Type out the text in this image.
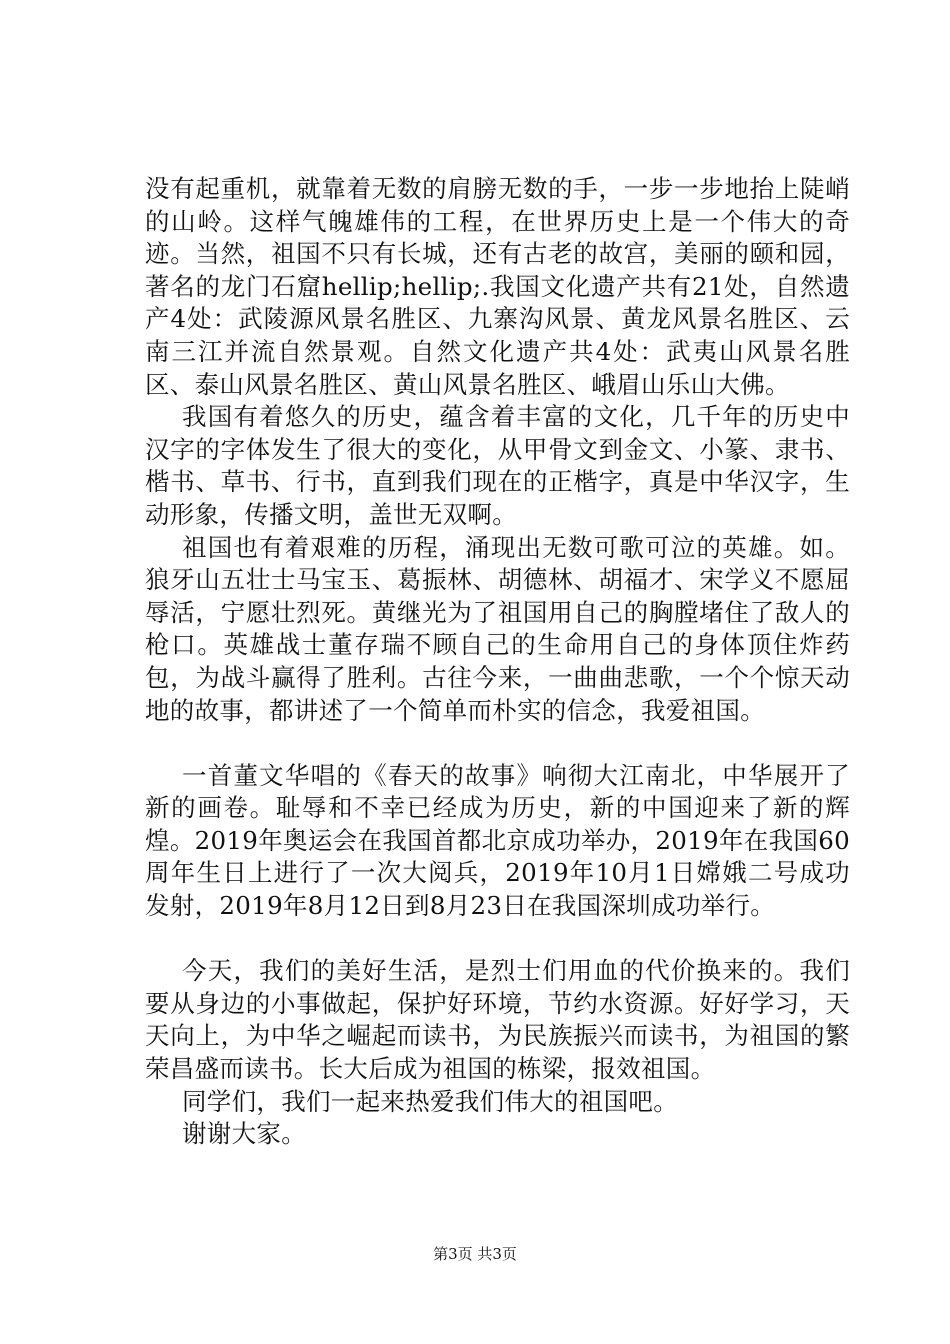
没有起重机，就靠着无数的肩膀无数的手，一步一步地抬上陡峭的山岭。这样气魄雄伟的工程，在世界历史上是一个伟大的奇迹。当然，祖国不只有长城，还有古老的故宫，美丽的颐和园，著名的龙门石窟hellip;hellip;.我国文化遗产共有21处，自然遗产4处：武陵源风景名胜区、九寨沟风景、黄龙风景名胜区、云南三江并流自然景观。自然文化遗产共4处：武夷山风景名胜区、泰山风景名胜区、黄山风景名胜区、峨眉山乐山大佛。

我国有着悠久的历史，蕴含着丰富的文化，几千年的历史中汉字的字体发生了很大的变化，从甲骨文到金文、小篆、隶书、楷书、草书、行书，直到我们现在的正楷字，真是中华汉字，生动形象，传播文明，盖世无双啊。

祖国也有着艰难的历程，涌现出无数可歌可泣的英雄。如。狼牙山五壮士马宝玉、葛振林、胡德林、胡福才、宋学义不愿屈辱活，宁愿壮烈死。黄继光为了祖国用自己的胸膛堵住了敌人的枪口。英雄战士董存瑞不顾自己的生命用自己的身体顶住炸药包，为战斗赢得了胜利。古往今来，一曲曲悲歌，一个个惊天动地的故事，都讲述了一个简单而朴实的信念，我爱祖国。

一首董文华唱的《春天的故事》响彻大江南北，中华展开了新的画卷。耻辱和不幸已经成为历史，新的中国迎来了新的辉煌。2019年奥运会在我国首都北京成功举办，2019年在我国60周年生日上进行了一次大阅兵，2019年10月1日嫦娥二号成功发射，2019年8月12日到8月23日在我国深圳成功举行。

今天，我们的美好生活，是烈士们用血的代价换来的。我们要从身边的小事做起，保护好环境，节约水资源。好好学习，天天向上，为中华之崛起而读书，为民族振兴而读书，为祖国的繁荣昌盛而读书。长大后成为祖国的栋梁，报效祖国。

同学们，我们一起来热爱我们伟大的祖国吧。

谢谢大家。

第3页 共3页
